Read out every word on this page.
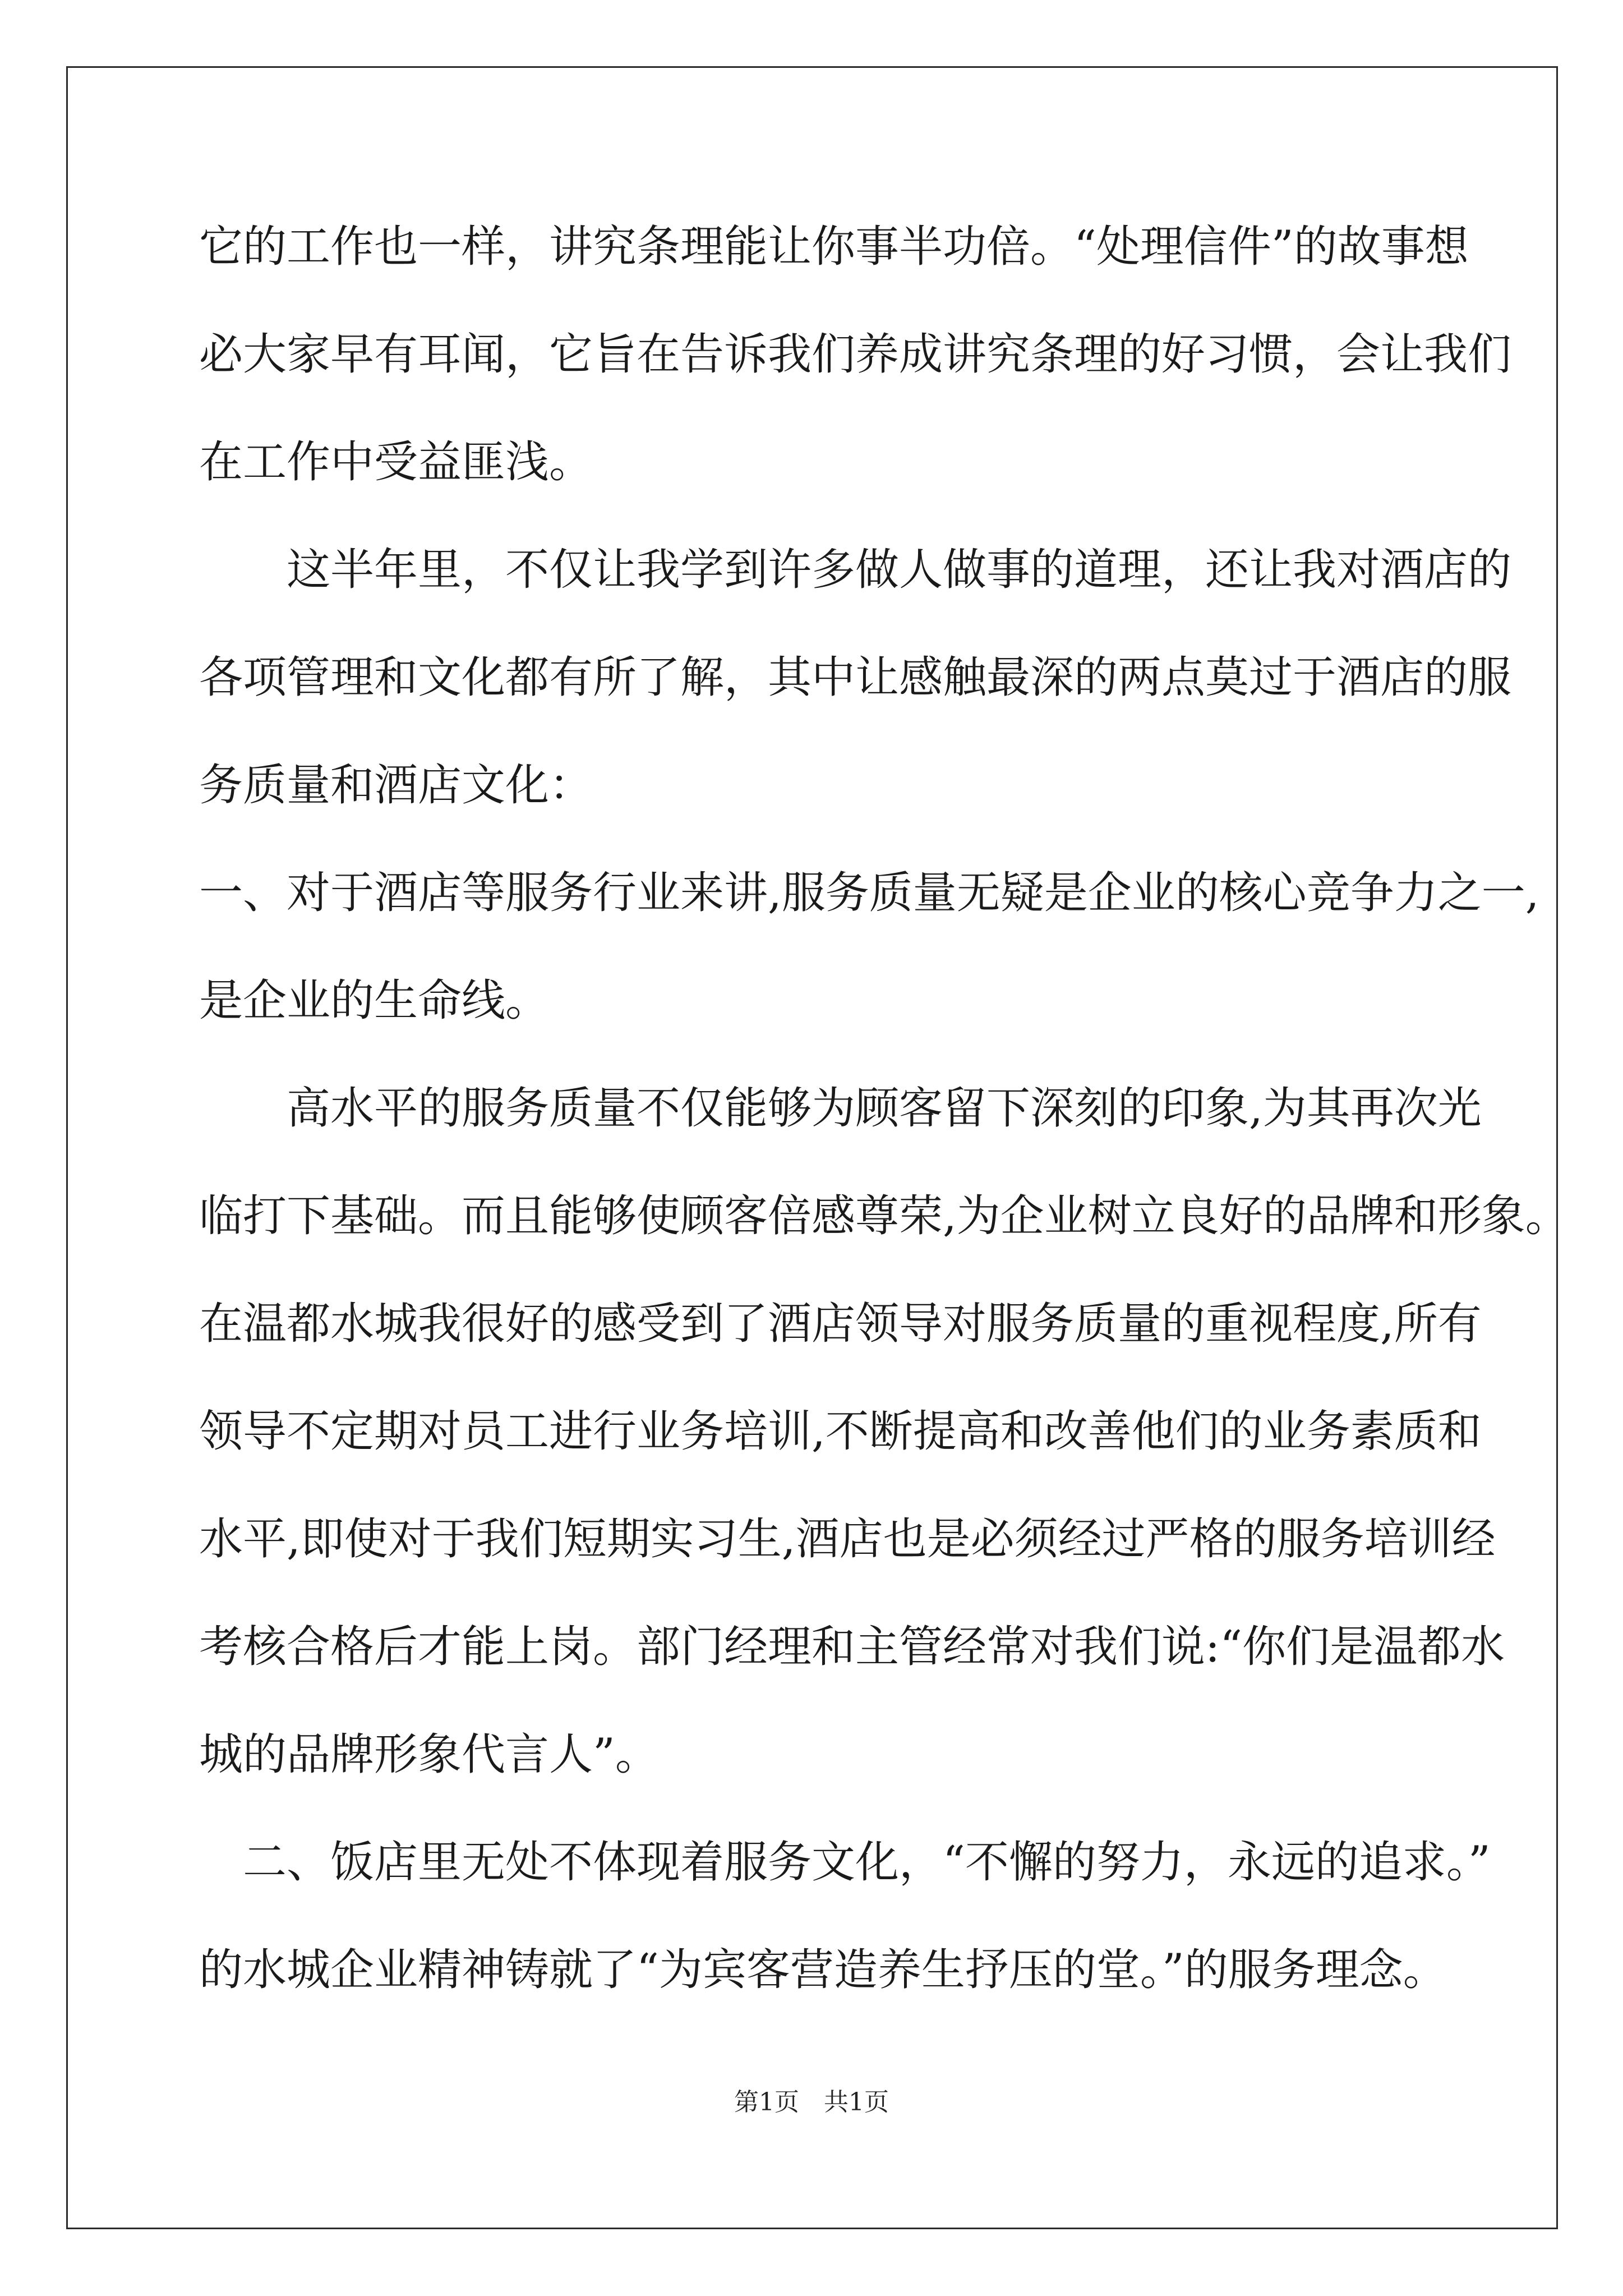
它的工作也一样，讲究条理能让你事半功倍。“处理信件”的故事想
必大家早有耳闻，它旨在告诉我们养成讲究条理的好习惯，会让我们
在工作中受益匪浅。
　　这半年里，不仅让我学到许多做人做事的道理，还让我对酒店的
各项管理和文化都有所了解，其中让感触最深的两点莫过于酒店的服
务质量和酒店文化：
一、对于酒店等服务行业来讲,服务质量无疑是企业的核心竞争力之一,
是企业的生命线。
　　高水平的服务质量不仅能够为顾客留下深刻的印象,为其再次光
临打下基础。而且能够使顾客倍感尊荣,为企业树立良好的品牌和形象。
在温都水城我很好的感受到了酒店领导对服务质量的重视程度,所有
领导不定期对员工进行业务培训,不断提高和改善他们的业务素质和
水平,即使对于我们短期实习生,酒店也是必须经过严格的服务培训经
考核合格后才能上岗。部门经理和主管经常对我们说:“你们是温都水
城的品牌形象代言人”。
　二、饭店里无处不体现着服务文化，“不懈的努力，永远的追求。”
的水城企业精神铸就了“为宾客营造养生抒压的堂。”的服务理念。
第1页　共1页
